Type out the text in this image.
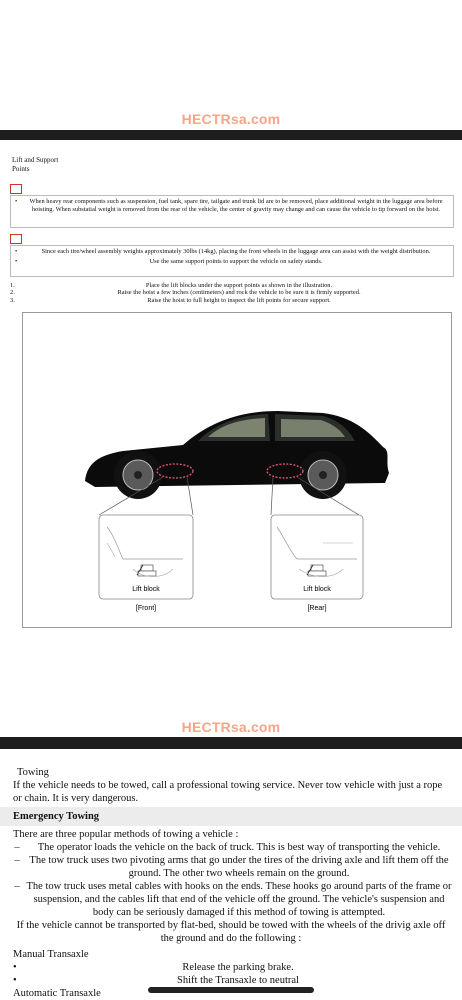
HECTRsa.com
Lift and Support
Points
•	When heavy rear components such as suspension, fuel tank, spare tire, tailgate and trunk lid are to be removed, place additional weight in the luggage area before hoisting. When substatial weight is removed from the rear of the vehicle, the center of gravity may change and can cause the vehicle to tip forward on the hoist.
•	Since each tire/wheel assembly weights approximately 30lbs (14kg), placing the front wheels in the luggage area can assist with the weight distribution.
•	Use the same support points to support the vehicle on safety stands.
1.	Place the lift blocks under the support points as shown in the illustration.
2.	Raise the hoist a few inches (centimeters) and rock the vehicle to be sure it is firmly supported.
3.	Raise the hoist to full height to inspect the lift points for secure support.
Lift block	Lift block
[Front]	[Rear]
HECTRsa.com
Towing
If the vehicle needs to be towed, call a professional towing service. Never tow vehicle with just a rope or chain. It is very dangerous.
Emergency Towing
There are three popular methods of towing a vehicle :
–	The operator loads the vehicle on the back of truck. This is best way of transporting the vehicle.
– The tow truck uses two pivoting arms that go under the tires of the driving axle and lift them off the ground. The other two wheels remain on the ground.
– The tow truck uses metal cables with hooks on the ends. These hooks go around parts of the frame or suspension, and the cables lift that end of the vehicle off the ground. The vehicle's suspension and body can be seriously damaged if this method of towing is attempted.
If the vehicle cannot be transported by flat-bed, should be towed with the wheels of the drivig axle off the ground and do the following :
Manual Transaxle
•	Release the parking brake.
•	Shift the Transaxle to neutral
Automatic Transaxle
